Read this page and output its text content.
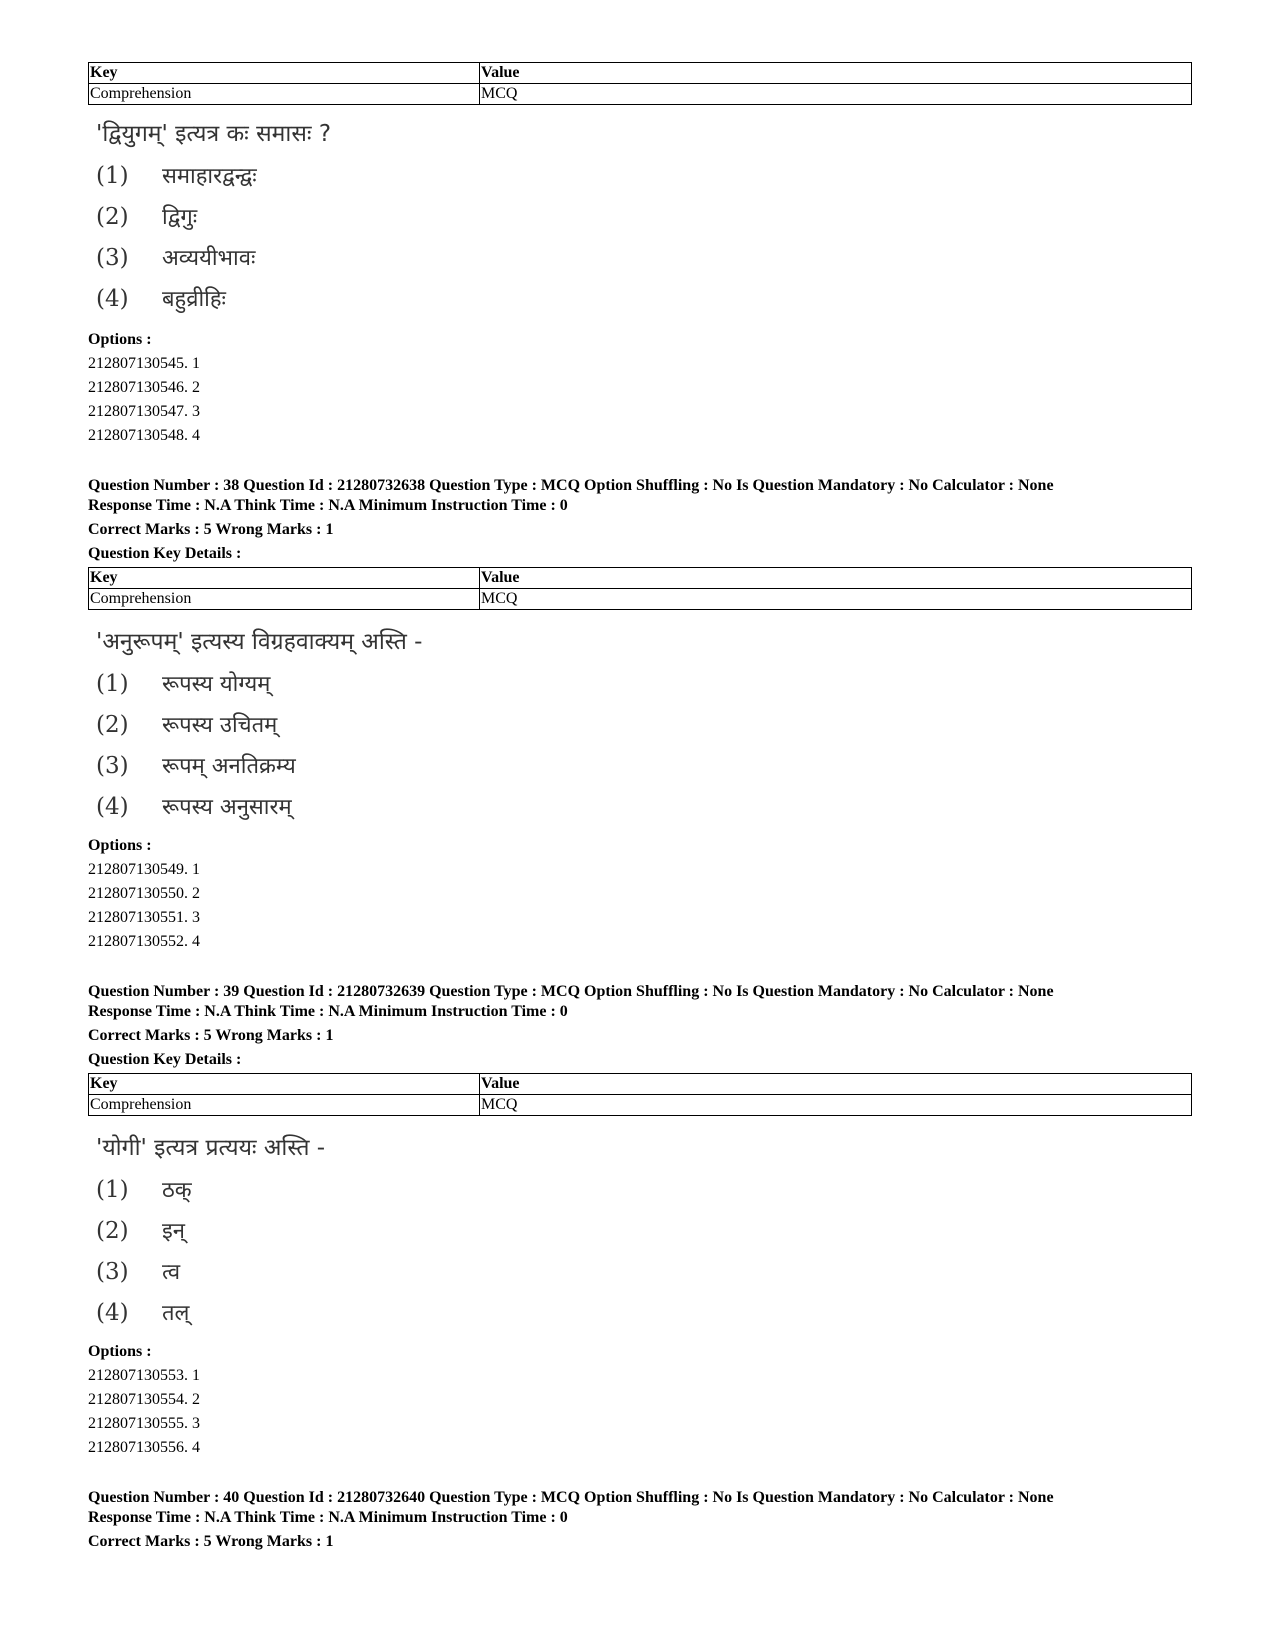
Key	Value
Comprehension	MCQ
'द्वियुगम्' इत्यत्र कः समासः ?
(1) समाहारद्वन्द्वः
(2) द्विगुः
(3) अव्ययीभावः
(4) बहुव्रीहिः
Options :
212807130545. 1
212807130546. 2
212807130547. 3
212807130548. 4
Question Number : 38 Question Id : 21280732638 Question Type : MCQ Option Shuffling : No Is Question Mandatory : No Calculator : None
Response Time : N.A Think Time : N.A Minimum Instruction Time : 0
Correct Marks : 5 Wrong Marks : 1
Question Key Details :
Key	Value
Comprehension	MCQ
'अनुरूपम्' इत्यस्य विग्रहवाक्यम् अस्ति -
(1) रूपस्य योग्यम्
(2) रूपस्य उचितम्
(3) रूपम् अनतिक्रम्य
(4) रूपस्य अनुसारम्
Options :
212807130549. 1
212807130550. 2
212807130551. 3
212807130552. 4
Question Number : 39 Question Id : 21280732639 Question Type : MCQ Option Shuffling : No Is Question Mandatory : No Calculator : None
Response Time : N.A Think Time : N.A Minimum Instruction Time : 0
Correct Marks : 5 Wrong Marks : 1
Question Key Details :
Key	Value
Comprehension	MCQ
'योगी' इत्यत्र प्रत्ययः अस्ति -
(1) ठक्
(2) इन्
(3) त्व
(4) तल्
Options :
212807130553. 1
212807130554. 2
212807130555. 3
212807130556. 4
Question Number : 40 Question Id : 21280732640 Question Type : MCQ Option Shuffling : No Is Question Mandatory : No Calculator : None
Response Time : N.A Think Time : N.A Minimum Instruction Time : 0
Correct Marks : 5 Wrong Marks : 1
